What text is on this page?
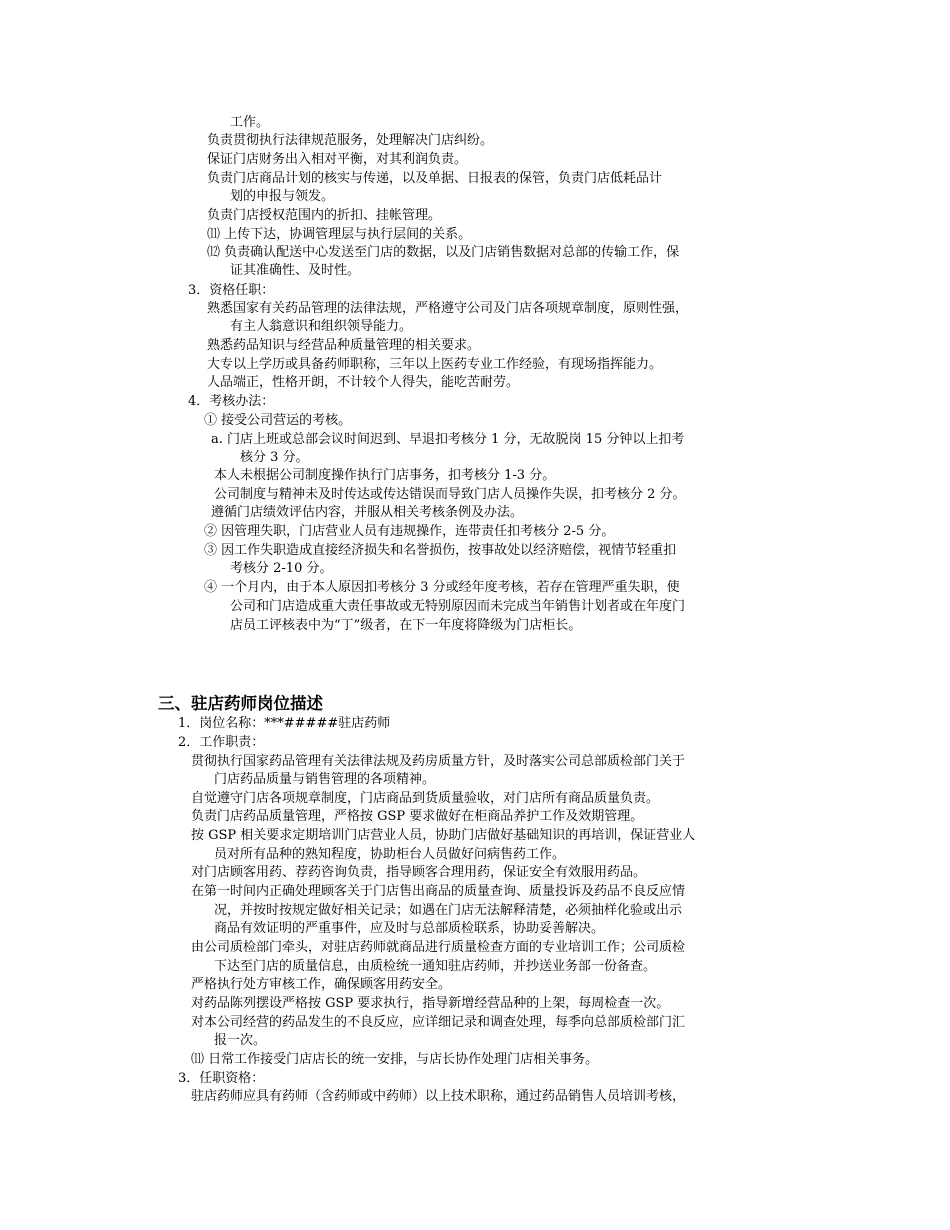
工作。
负责贯彻执行法律规范服务，处理解决门店纠纷。
保证门店财务出入相对平衡，对其利润负责。
负责门店商品计划的核实与传递，以及单据、日报表的保管，负责门店低耗品计
划的申报与领发。
负责门店授权范围内的折扣、挂帐管理。
⑾ 上传下达，协调管理层与执行层间的关系。
⑿ 负责确认配送中心发送至门店的数据，以及门店销售数据对总部的传输工作，保
证其准确性、及时性。
3．资格任职：
熟悉国家有关药品管理的法律法规，严格遵守公司及门店各项规章制度，原则性强，
有主人翁意识和组织领导能力。
熟悉药品知识与经营品种质量管理的相关要求。
大专以上学历或具备药师职称，三年以上医药专业工作经验，有现场指挥能力。
人品端正，性格开朗，不计较个人得失，能吃苦耐劳。
4．考核办法：
① 接受公司营运的考核。
a. 门店上班或总部会议时间迟到、早退扣考核分 1 分，无故脱岗 15 分钟以上扣考
核分 3 分。
本人未根据公司制度操作执行门店事务，扣考核分 1-3 分。
公司制度与精神未及时传达或传达错误而导致门店人员操作失误，扣考核分 2 分。
遵循门店绩效评估内容，并服从相关考核条例及办法。
② 因管理失职，门店营业人员有违规操作，连带责任扣考核分 2-5 分。
③ 因工作失职造成直接经济损失和名誉损伤，按事故处以经济赔偿，视情节轻重扣
考核分 2-10 分。
④ 一个月内，由于本人原因扣考核分 3 分或经年度考核，若存在管理严重失职，使
公司和门店造成重大责任事故或无特别原因而未完成当年销售计划者或在年度门
店员工评核表中为“丁”级者，在下一年度将降级为门店柜长。
三、驻店药师岗位描述
1．岗位名称：***#####驻店药师
2．工作职责：
贯彻执行国家药品管理有关法律法规及药房质量方针，及时落实公司总部质检部门关于
门店药品质量与销售管理的各项精神。
自觉遵守门店各项规章制度，门店商品到货质量验收，对门店所有商品质量负责。
负责门店药品质量管理，严格按 GSP 要求做好在柜商品养护工作及效期管理。
按 GSP 相关要求定期培训门店营业人员，协助门店做好基础知识的再培训，保证营业人
员对所有品种的熟知程度，协助柜台人员做好问病售药工作。
对门店顾客用药、荐药咨询负责，指导顾客合理用药，保证安全有效服用药品。
在第一时间内正确处理顾客关于门店售出商品的质量查询、质量投诉及药品不良反应情
况，并按时按规定做好相关记录；如遇在门店无法解释清楚，必须抽样化验或出示
商品有效证明的严重事件，应及时与总部质检联系，协助妥善解决。
由公司质检部门牵头，对驻店药师就商品进行质量检查方面的专业培训工作；公司质检
下达至门店的质量信息，由质检统一通知驻店药师，并抄送业务部一份备查。
严格执行处方审核工作，确保顾客用药安全。
对药品陈列摆设严格按 GSP 要求执行，指导新增经营品种的上架，每周检查一次。
对本公司经营的药品发生的不良反应，应详细记录和调查处理，每季向总部质检部门汇
报一次。
⑾ 日常工作接受门店店长的统一安排，与店长协作处理门店相关事务。
3．任职资格：
驻店药师应具有药师（含药师或中药师）以上技术职称，通过药品销售人员培训考核，
